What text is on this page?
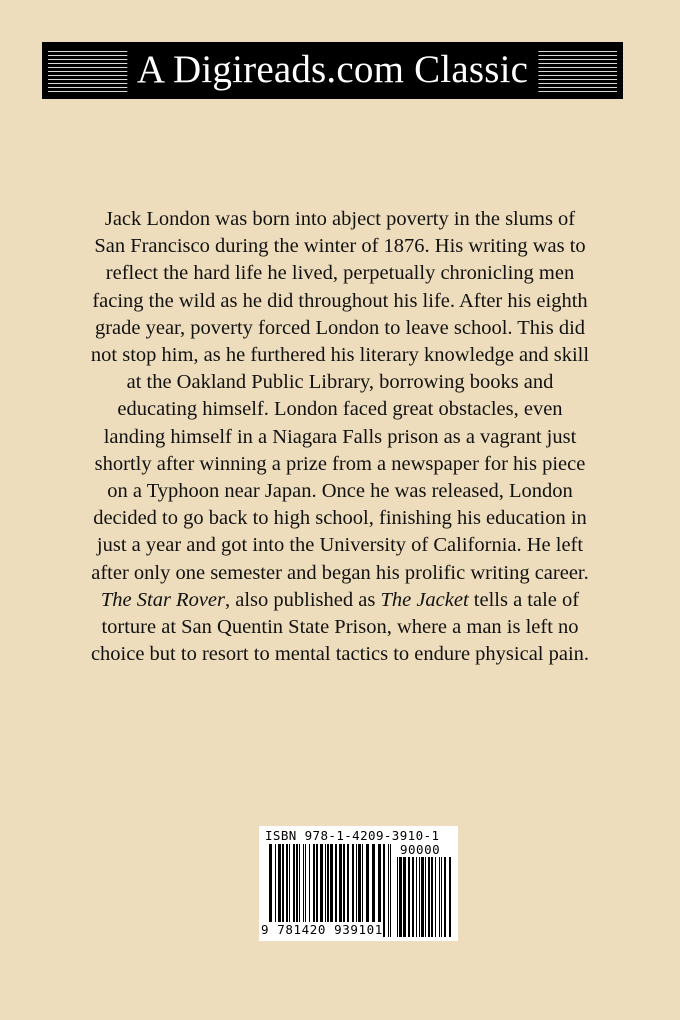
A Digireads.com Classic
Jack London was born into abject poverty in the slums of San Francisco during the winter of 1876. His writing was to reflect the hard life he lived, perpetually chronicling men facing the wild as he did throughout his life. After his eighth grade year, poverty forced London to leave school. This did not stop him, as he furthered his literary knowledge and skill at the Oakland Public Library, borrowing books and educating himself. London faced great obstacles, even landing himself in a Niagara Falls prison as a vagrant just shortly after winning a prize from a newspaper for his piece on a Typhoon near Japan. Once he was released, London decided to go back to high school, finishing his education in just a year and got into the University of California. He left after only one semester and began his prolific writing career. The Star Rover, also published as The Jacket tells a tale of torture at San Quentin State Prison, where a man is left no choice but to resort to mental tactics to endure physical pain.
ISBN 978-1-4209-3910-1
90000
9 781420 939101
